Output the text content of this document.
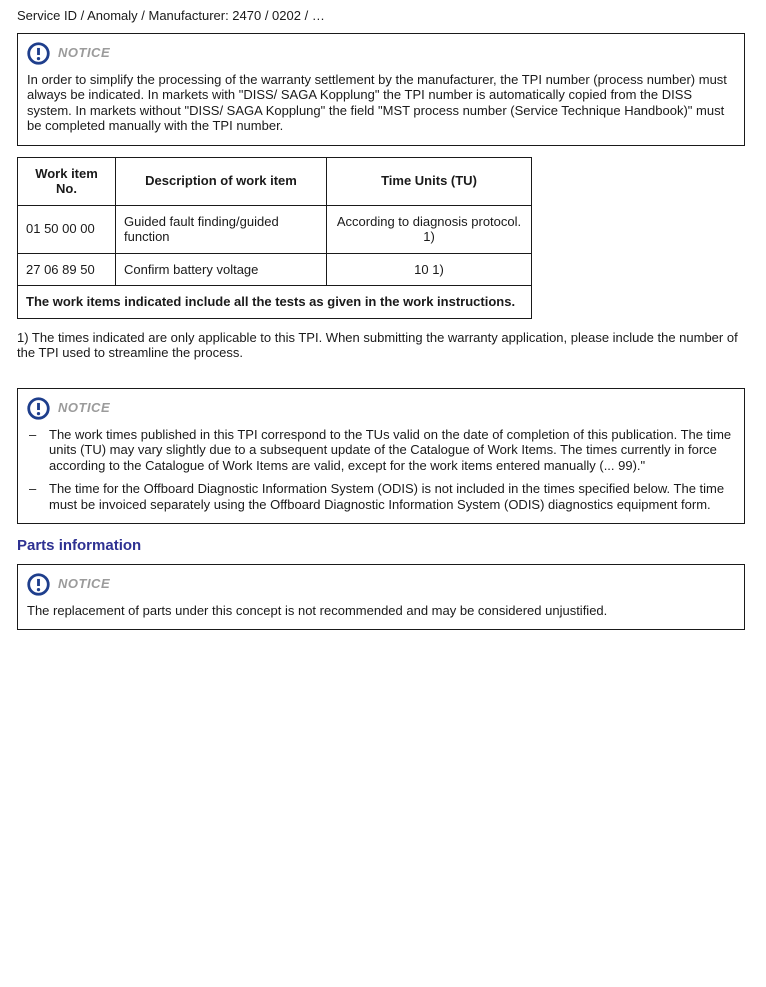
Service ID / Anomaly / Manufacturer: 2470 / 0202 / …
NOTICE
In order to simplify the processing of the warranty settlement by the manufacturer, the TPI number (process number) must always be indicated. In markets with "DISS/ SAGA Kopplung" the TPI number is automatically copied from the DISS system. In markets without "DISS/ SAGA Kopplung" the field "MST process number (Service Technique Handbook)" must be completed manually with the TPI number.
Work item No.	Description of work item	Time Units (TU)
01 50 00 00	Guided fault finding/guided function	According to diagnosis protocol. 1)
27 06 89 50	Confirm battery voltage	10 1)
The work items indicated include all the tests as given in the work instructions.		
1) The times indicated are only applicable to this TPI. When submitting the warranty application, please include the number of the TPI used to streamline the process.
NOTICE
– The work times published in this TPI correspond to the TUs valid on the date of completion of this publication. The time units (TU) may vary slightly due to a subsequent update of the Catalogue of Work Items. The times currently in force according to the Catalogue of Work Items are valid, except for the work items entered manually (... 99)."
– The time for the Offboard Diagnostic Information System (ODIS) is not included in the times specified below. The time must be invoiced separately using the Offboard Diagnostic Information System (ODIS) diagnostics equipment form.
Parts information
NOTICE
The replacement of parts under this concept is not recommended and may be considered unjustified.
